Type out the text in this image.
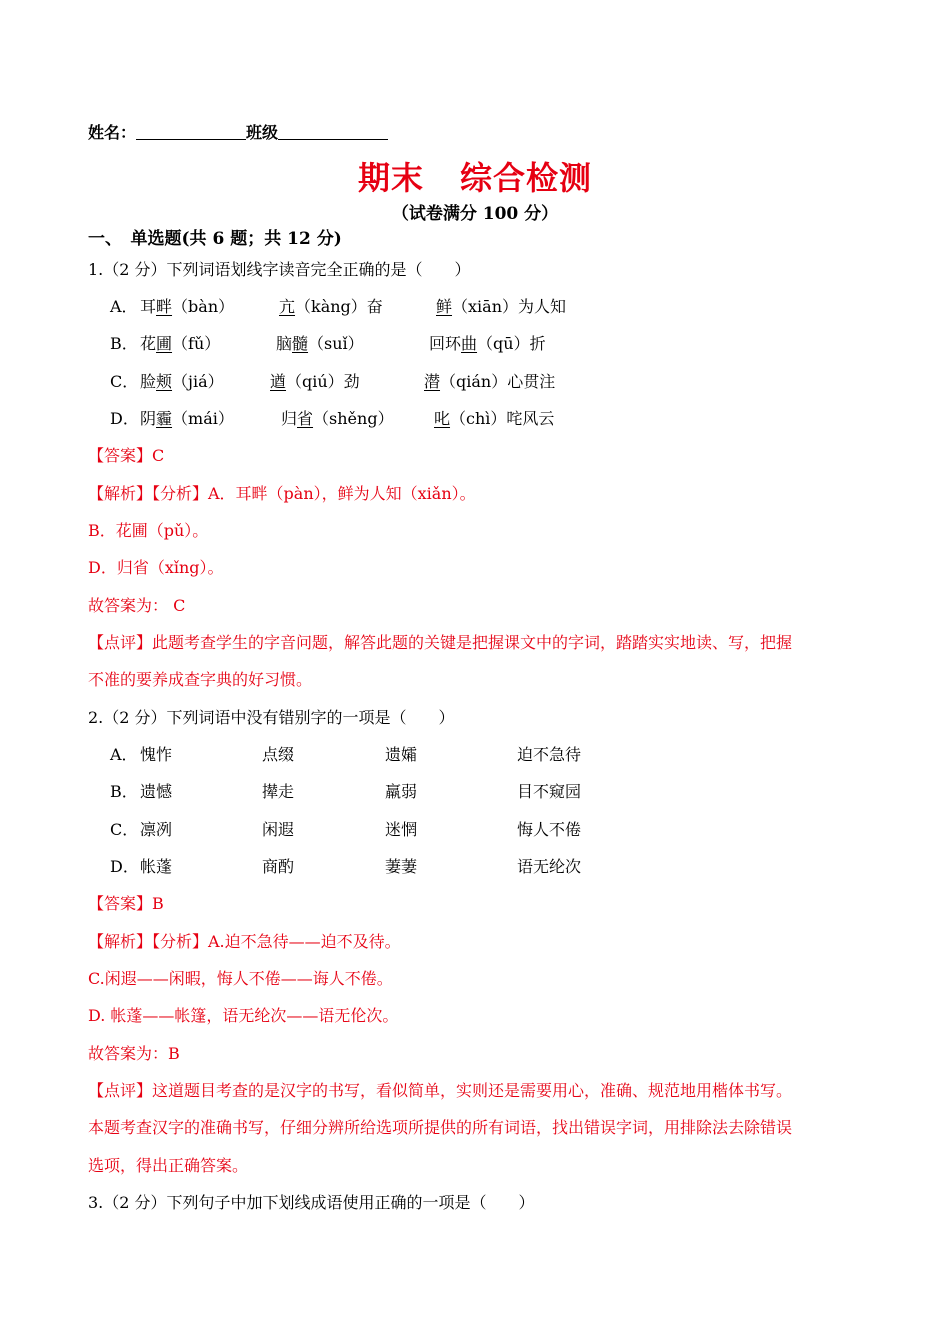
姓名：	班级
期末 综合检测
（试卷满分 100 分）
一、　单选题(共 6 题；共 12 分)
1.（2 分）下列词语划线字读音完全正确的是（　　）
A． 耳畔（bàn）	亢（kàng）奋	鲜（xiān）为人知
B． 花圃（fǔ）	脑髓（suǐ）	回环曲（qū）折
C． 脸颊（jiá）	遒（qiú）劲	潜（qián）心贯注
D． 阴霾（mái）	归省（shěng）	叱（chì）咤风云
【答案】C
【解析】【分析】A．耳畔（pàn），鲜为人知（xiǎn）。
B．花圃（pǔ）。
D．归省（xǐng）。
故答案为： C
【点评】此题考查学生的字音问题，解答此题的关键是把握课文中的字词，踏踏实实地读、写，把握
不准的要养成查字典的好习惯。
2.（2 分）下列词语中没有错别字的一项是（　　）
A． 愧怍	点缀	遗孀	迫不急待
B． 遗憾	撵走	羸弱	目不窥园
C． 凛冽	闲遐	迷惘	悔人不倦
D． 帐蓬	商酌	萋萋	语无纶次
【答案】B
【解析】【分析】A.迫不急待——迫不及待。
C.闲遐——闲暇，悔人不倦——诲人不倦。
D. 帐蓬——帐篷，语无纶次——语无伦次。
故答案为：B
【点评】这道题目考查的是汉字的书写，看似简单，实则还是需要用心，准确、规范地用楷体书写。
本题考查汉字的准确书写，仔细分辨所给选项所提供的所有词语，找出错误字词，用排除法去除错误
选项，得出正确答案。
3.（2 分）下列句子中加下划线成语使用正确的一项是（　　）
